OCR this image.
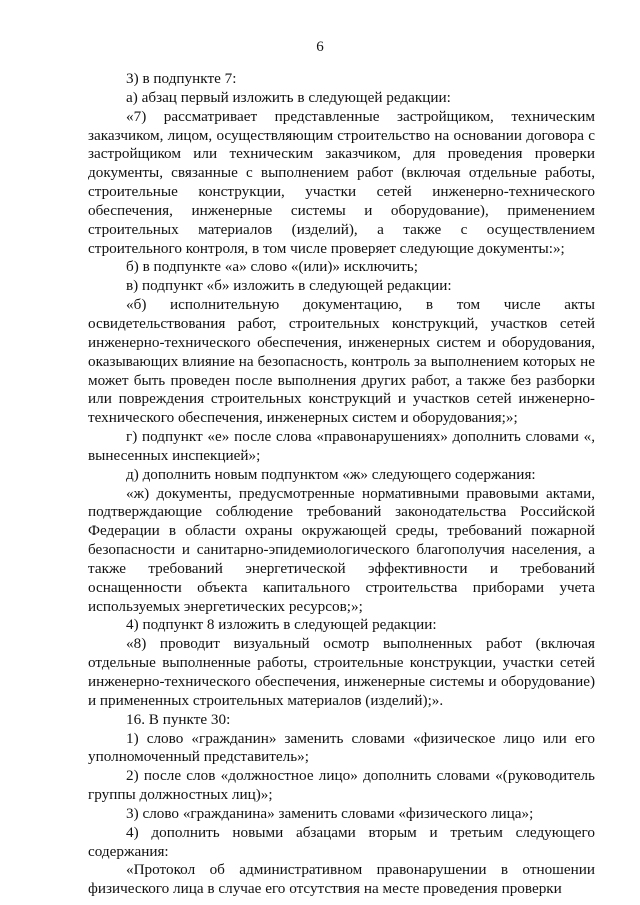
6

3) в подпункте 7:

а) абзац первый изложить в следующей редакции:

«7) рассматривает представленные застройщиком, техническим заказчиком, лицом, осуществляющим строительство на основании договора с застройщиком или техническим заказчиком, для проведения проверки документы, связанные с выполнением работ (включая отдельные работы, строительные конструкции, участки сетей инженерно-технического обеспечения, инженерные системы и оборудование), применением строительных материалов (изделий), а также с осуществлением строительного контроля, в том числе проверяет следующие документы:»;

б) в подпункте «а» слово «(или)» исключить;

в) подпункт «б» изложить в следующей редакции:

«б) исполнительную документацию, в том числе акты освидетельствования работ, строительных конструкций, участков сетей инженерно-технического обеспечения, инженерных систем и оборудования, оказывающих влияние на безопасность, контроль за выполнением которых не может быть проведен после выполнения других работ, а также без разборки или повреждения строительных конструкций и участков сетей инженерно-технического обеспечения, инженерных систем и оборудования;»;

г) подпункт «е» после слова «правонарушениях» дополнить словами «, вынесенных инспекцией»;

д) дополнить новым подпунктом «ж» следующего содержания:

«ж) документы, предусмотренные нормативными правовыми актами, подтверждающие соблюдение требований законодательства Российской Федерации в области охраны окружающей среды, требований пожарной безопасности и санитарно-эпидемиологического благополучия населения, а также требований энергетической эффективности и требований оснащенности объекта капитального строительства приборами учета используемых энергетических ресурсов;»;

4) подпункт 8 изложить в следующей редакции:

«8) проводит визуальный осмотр выполненных работ (включая отдельные выполненные работы, строительные конструкции, участки сетей инженерно-технического обеспечения, инженерные системы и оборудование) и примененных строительных материалов (изделий);».

16. В пункте 30:

1) слово «гражданин» заменить словами «физическое лицо или его уполномоченный представитель»;

2) после слов «должностное лицо» дополнить словами «(руководитель группы должностных лиц)»;

3) слово «гражданина» заменить словами «физического лица»;

4) дополнить новыми абзацами вторым и третьим следующего содержания:

«Протокол об административном правонарушении в отношении физического лица в случае его отсутствия на месте проведения проверки
